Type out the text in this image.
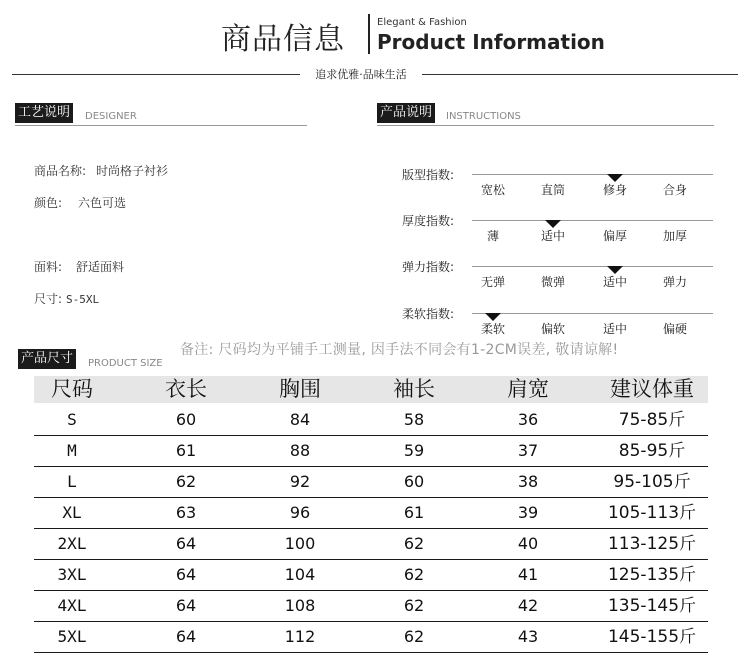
商品信息	Elegant & Fashion
Product Information
追求优雅·品味生活
工艺说明	DESIGNER
商品名称: 时尚格子衬衫
颜色: 六色可选
面料: 舒适面料
尺寸: S-5XL
产品说明	INSTRUCTIONS
版型指数:
宽松	直筒	修身	合身
厚度指数:
薄	适中	偏厚	加厚
弹力指数:
无弹	微弹	适中	弹力
柔软指数:
柔软	偏软	适中	偏硬
产品尺寸	PRODUCT SIZE
备注: 尺码均为平铺手工测量, 因手法不同会有1-2CM误差, 敬请谅解!
尺码	衣长	胸围	袖长	肩宽	建议体重
S	60	84	58	36	75-85斤
M	61	88	59	37	85-95斤
L	62	92	60	38	95-105斤
XL	63	96	61	39	105-113斤
2XL	64	100	62	40	113-125斤
3XL	64	104	62	41	125-135斤
4XL	64	108	62	42	135-145斤
5XL	64	112	62	43	145-155斤
